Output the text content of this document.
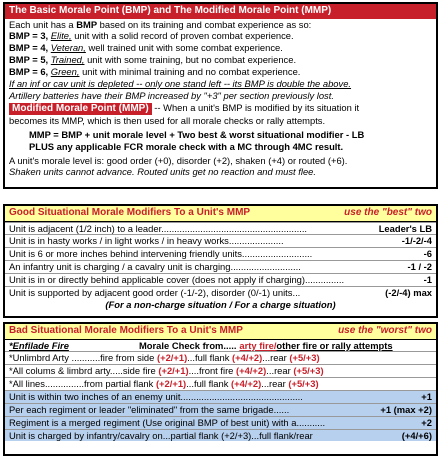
The Basic Morale Point (BMP) and The Modified Morale Point (MMP)
Each unit has a BMP based on its training and combat experience as so:
BMP = 3, Elite, unit with a solid record of proven combat experience.
BMP = 4, Veteran, well trained unit with some combat experience.
BMP = 5, Trained, unit with some training, but no combat experience.
BMP = 6, Green, unit with minimal training and no combat experience.
If an inf or cav unit is depleted -- only one stand left -- its BMP is double the above.
Artillery batteries have their BMP increased by "+3" per section previously lost.
Modified Morale Point (MMP) -- When a unit's BMP is modified by its situation it
becomes its MMP, which is then used for all morale checks or rally attempts.
MMP = BMP + unit morale level + Two best & worst situational modifier - LB
PLUS any applicable FCR morale check with a MC through 4MC result.
A unit's morale level is: good order (+0), disorder (+2), shaken (+4) or routed (+6).
Shaken units cannot advance. Routed units get no reaction and must flee.
Good Situational Morale Modifiers To a Unit's MMP	use the "best" two
Unit is adjacent (1/2 inch) to a leader........................................................	Leader's LB
Unit is in hasty works / in light works / in heavy works.....................	-1/-2/-4
Unit is 6 or more inches behind intervening friendly units...........................	-6
An infantry unit is charging / a cavalry unit is charging...........................	-1 / -2
Unit is in or directly behind applicable cover (does not apply if charging)...............	-1
Unit is supported by adjacent good order (-1/-2), disorder (0/-1) units...	(-2/-4) max
(For a non-charge situation / For a charge situation)
Bad Situational Morale Modifiers To a Unit's MMP	use the "worst" two
*Enfilade Fire	Morale Check from..... arty fire/ other fire or rally attempts
*Unlimbrd Arty ...........fire from side (+2/+1)...full flank (+4/+2)...rear (+5/+3)
*All colums & limbrd arty.....side fire (+2/+1)....front fire (+4/+2)...rear (+5/+3)
*All lines...............from partial flank (+2/+1)...full flank (+4/+2)...rear (+5/+3)
Unit is within two inches of an enemy unit...............................................	+1
Per each regiment or leader "eliminated" from the same brigade......	+1 (max +2)
Regiment is a merged regiment (Use original BMP of best unit) with a...........	+2
Unit is charged by infantry/cavalry on...partial flank (+2/+3)...full flank/rear	(+4/+6)
